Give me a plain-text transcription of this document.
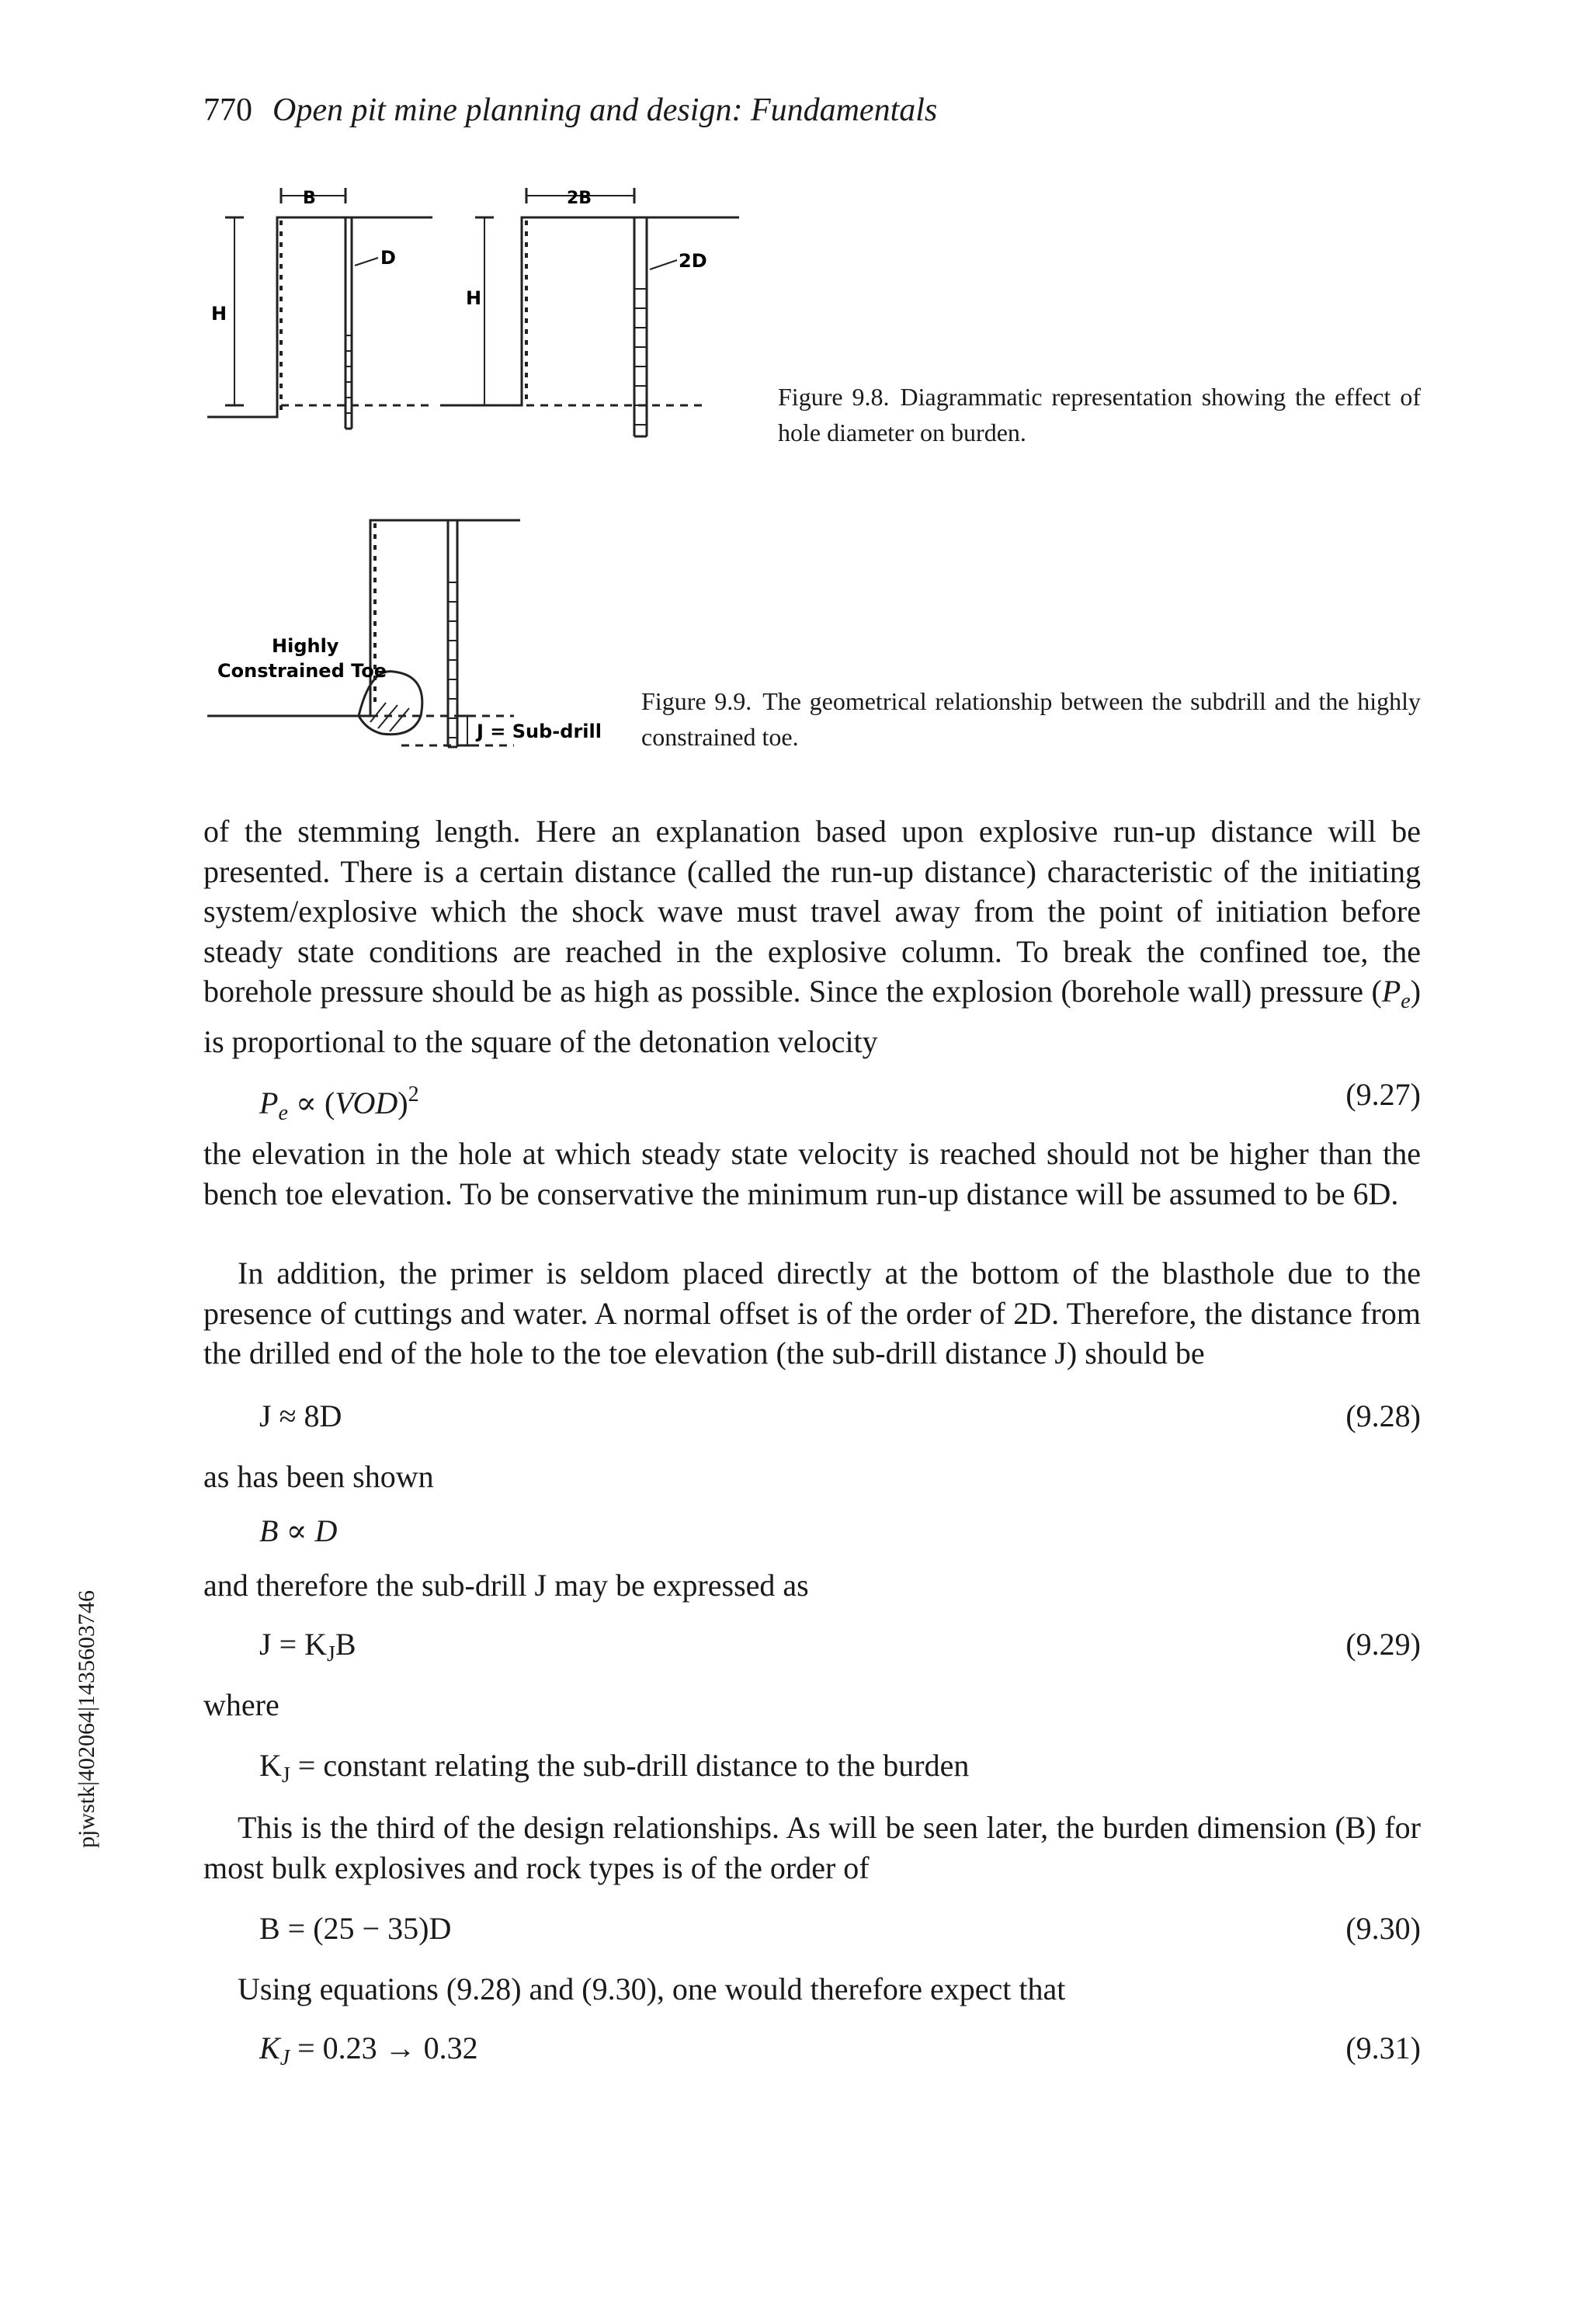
770 Open pit mine planning and design: Fundamentals
B
D
H
2B
2D
H
Figure 9.8. Diagrammatic representation showing the effect of hole diameter on burden.
Highly
Constrained Toe
J = Sub-drill
Figure 9.9. The geometrical relationship between the subdrill and the highly constrained toe.
of the stemming length. Here an explanation based upon explosive run-up distance will be presented. There is a certain distance (called the run-up distance) characteristic of the initiating system/explosive which the shock wave must travel away from the point of initiation before steady state conditions are reached in the explosive column. To break the confined toe, the borehole pressure should be as high as possible. Since the explosion (borehole wall) pressure $(P_e)$ is proportional to the square of the detonation velocity
$P_e \propto (VOD)^2$	(9.27)
the elevation in the hole at which steady state velocity is reached should not be higher than the bench toe elevation. To be conservative the minimum run-up distance will be assumed to be 6D.
In addition, the primer is seldom placed directly at the bottom of the blasthole due to the presence of cuttings and water. A normal offset is of the order of 2D. Therefore, the distance from the drilled end of the hole to the toe elevation (the sub-drill distance J) should be
J ≈ 8D	(9.28)
as has been shown
B ∝ D
and therefore the sub-drill J may be expressed as
$J = K_JB$	(9.29)
where
$K_J$ = constant relating the sub-drill distance to the burden
This is the third of the design relationships. As will be seen later, the burden dimension (B) for most bulk explosives and rock types is of the order of
B = (25 − 35)D	(9.30)
Using equations (9.28) and (9.30), one would therefore expect that
$K_J = 0.23 \to 0.32$	(9.31)
pjwstk|402064|1435603746
